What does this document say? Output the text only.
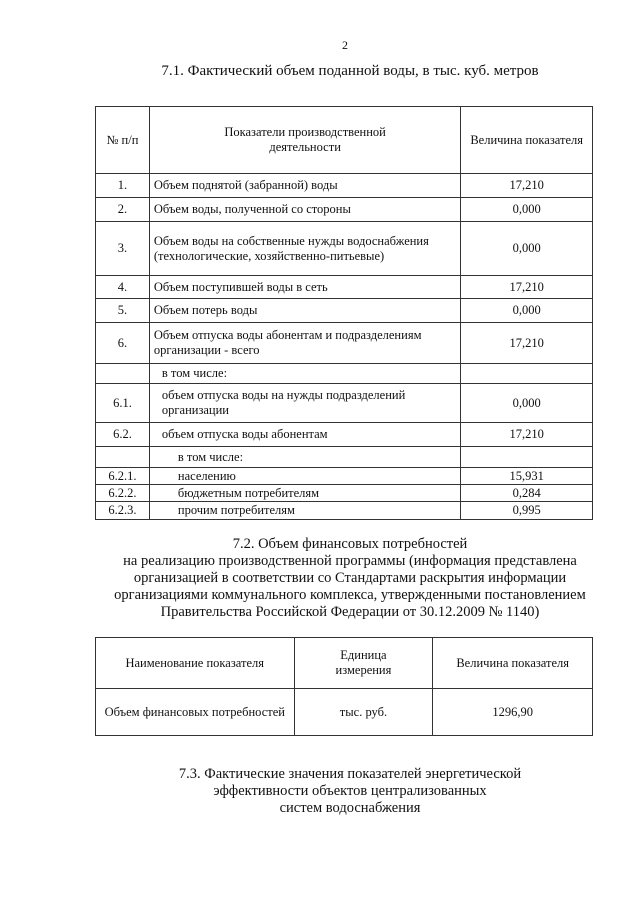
2
7.1. Фактический объем поданной воды, в тыс. куб. метров
№ п/п	Показатели производственной деятельности	Величина показателя
1.	Объем поднятой (забранной) воды	17,210
2.	Объем воды, полученной со стороны	0,000
3.	Объем воды на собственные нужды водоснабжения (технологические, хозяйственно-питьевые)	0,000
4.	Объем поступившей воды в сеть	17,210
5.	Объем потерь воды	0,000
6.	Объем отпуска воды абонентам и подразделениям организации - всего	17,210
	в том числе:	
6.1.	объем отпуска воды на нужды подразделений организации	0,000
6.2.	объем отпуска воды абонентам	17,210
	в том числе:	
6.2.1.	населению	15,931
6.2.2.	бюджетным потребителям	0,284
6.2.3.	прочим потребителям	0,995
7.2. Объем финансовых потребностей
на реализацию производственной программы (информация представлена
организацией в соответствии со Стандартами раскрытия информации
организациями коммунального комплекса, утвержденными постановлением
Правительства Российской Федерации от 30.12.2009 № 1140)
Наименование показателя	Единица измерения	Величина показателя
Объем финансовых потребностей	тыс. руб.	1296,90
7.3. Фактические значения показателей энергетической
эффективности объектов централизованных
систем водоснабжения
